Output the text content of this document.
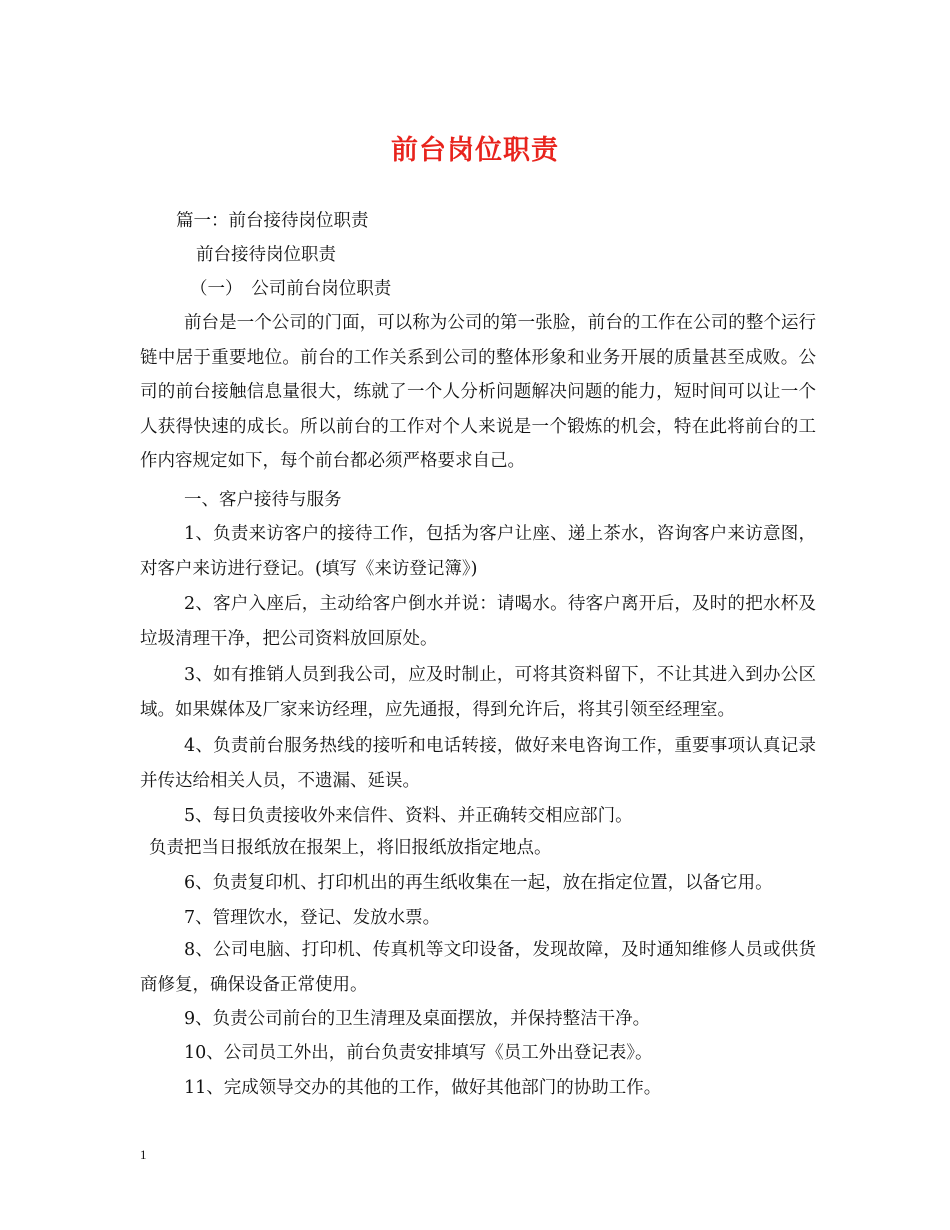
前台岗位职责
篇一：前台接待岗位职责
前台接待岗位职责
（一）　公司前台岗位职责
前台是一个公司的门面，可以称为公司的第一张脸，前台的工作在公司的整个运行链中居于重要地位。前台的工作关系到公司的整体形象和业务开展的质量甚至成败。公司的前台接触信息量很大，练就了一个人分析问题解决问题的能力，短时间可以让一个人获得快速的成长。所以前台的工作对个人来说是一个锻炼的机会，特在此将前台的工作内容规定如下，每个前台都必须严格要求自己。
一、客户接待与服务
1、负责来访客户的接待工作，包括为客户让座、递上茶水，咨询客户来访意图，对客户来访进行登记。(填写《来访登记簿》)
2、客户入座后，主动给客户倒水并说：请喝水。待客户离开后，及时的把水杯及垃圾清理干净，把公司资料放回原处。
3、如有推销人员到我公司，应及时制止，可将其资料留下，不让其进入到办公区域。如果媒体及厂家来访经理，应先通报，得到允许后，将其引领至经理室。
4、负责前台服务热线的接听和电话转接，做好来电咨询工作，重要事项认真记录并传达给相关人员，不遗漏、延误。
5、每日负责接收外来信件、资料、并正确转交相应部门。
负责把当日报纸放在报架上，将旧报纸放指定地点。
6、负责复印机、打印机出的再生纸收集在一起，放在指定位置，以备它用。
7、管理饮水，登记、发放水票。
8、公司电脑、打印机、传真机等文印设备，发现故障，及时通知维修人员或供货商修复，确保设备正常使用。
9、负责公司前台的卫生清理及桌面摆放，并保持整洁干净。
10、公司员工外出，前台负责安排填写《员工外出登记表》。
11、完成领导交办的其他的工作，做好其他部门的协助工作。
1
